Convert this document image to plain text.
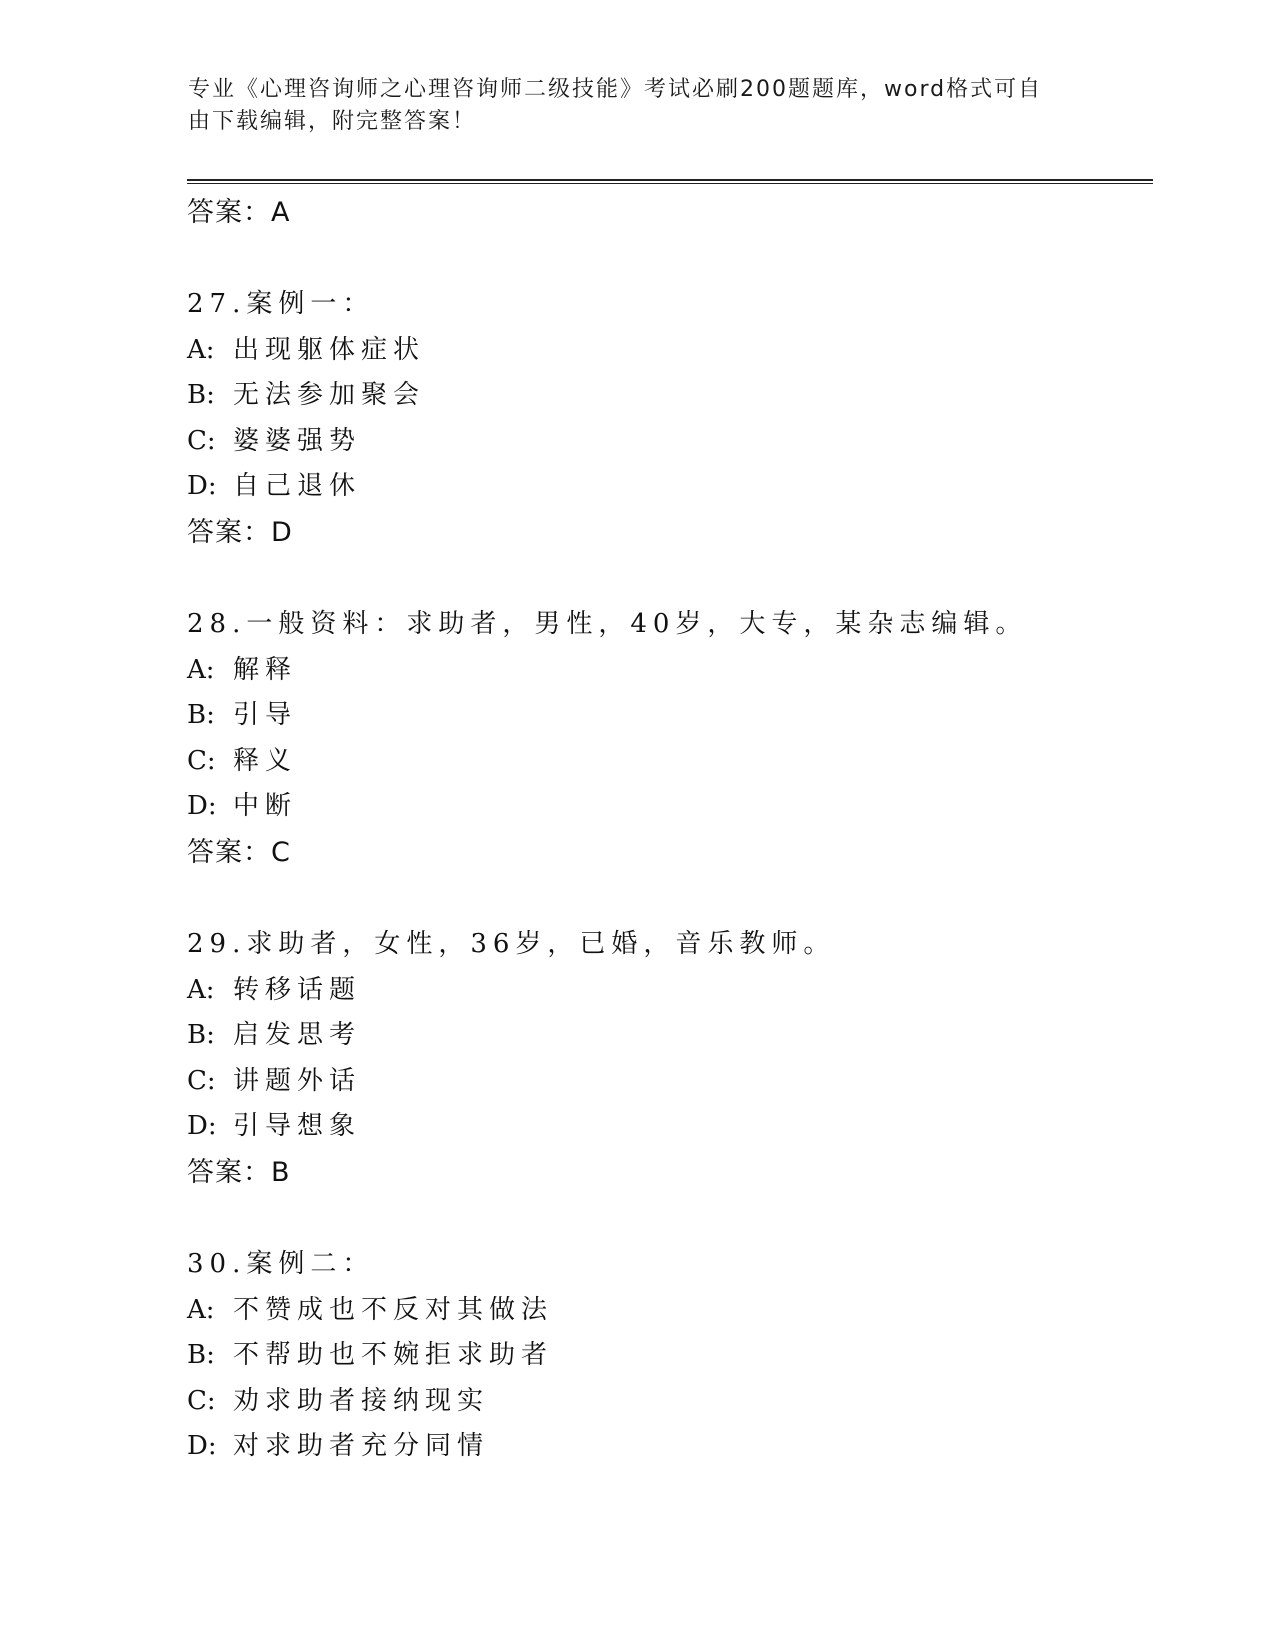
专业《心理咨询师之心理咨询师二级技能》考试必刷200题题库，word格式可自
由下载编辑，附完整答案！
答案：A
27.案例一：
A: 出现躯体症状
B: 无法参加聚会
C: 婆婆强势
D: 自己退休
答案：D
28.一般资料：求助者，男性，40岁，大专，某杂志编辑。
A: 解释
B: 引导
C: 释义
D: 中断
答案：C
29.求助者，女性，36岁，已婚，音乐教师。
A: 转移话题
B: 启发思考
C: 讲题外话
D: 引导想象
答案：B
30.案例二：
A: 不赞成也不反对其做法
B: 不帮助也不婉拒求助者
C: 劝求助者接纳现实
D: 对求助者充分同情
